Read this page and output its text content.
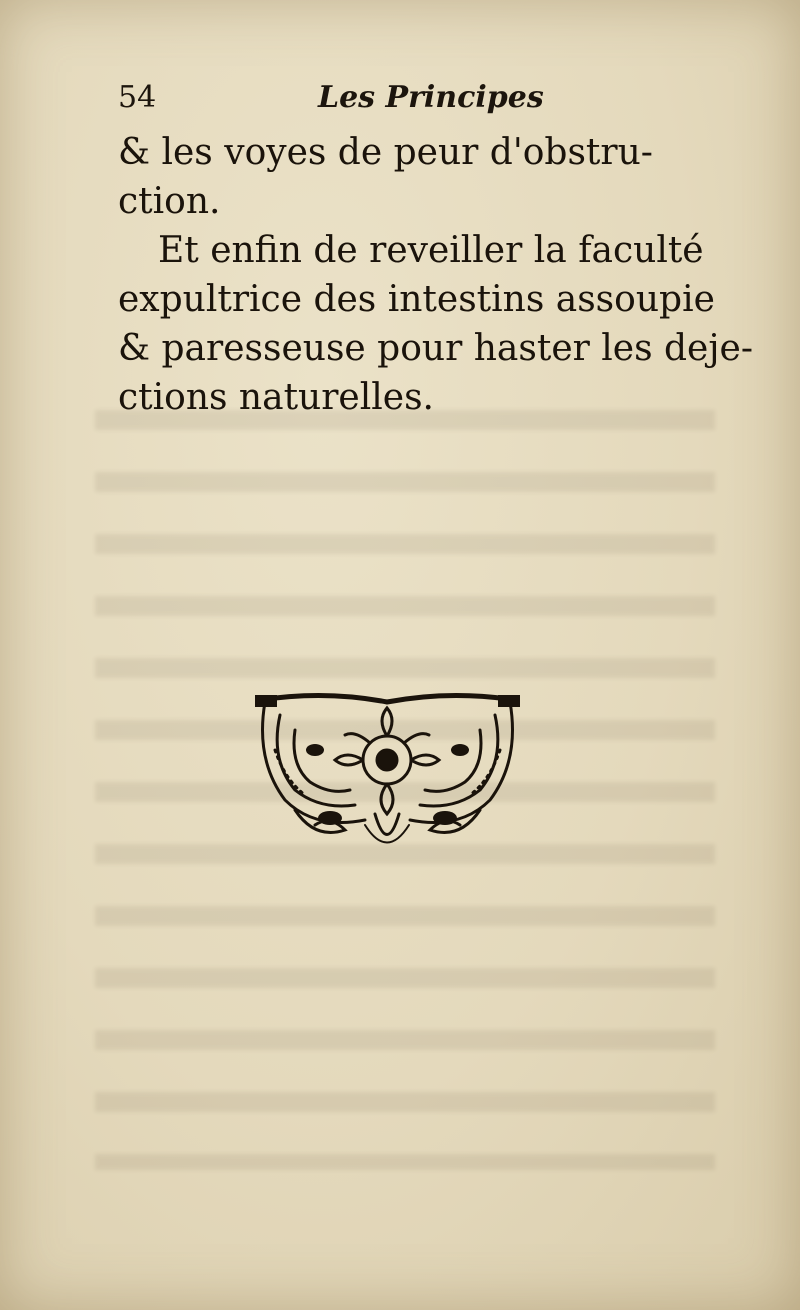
54	Les Principes

& les voyes de peur d'obstru-
ction.

Et enfin de reveiller la faculté
expultrice des intestins assoupie
& paresseuse pour haster les deje-
ctions naturelles.
